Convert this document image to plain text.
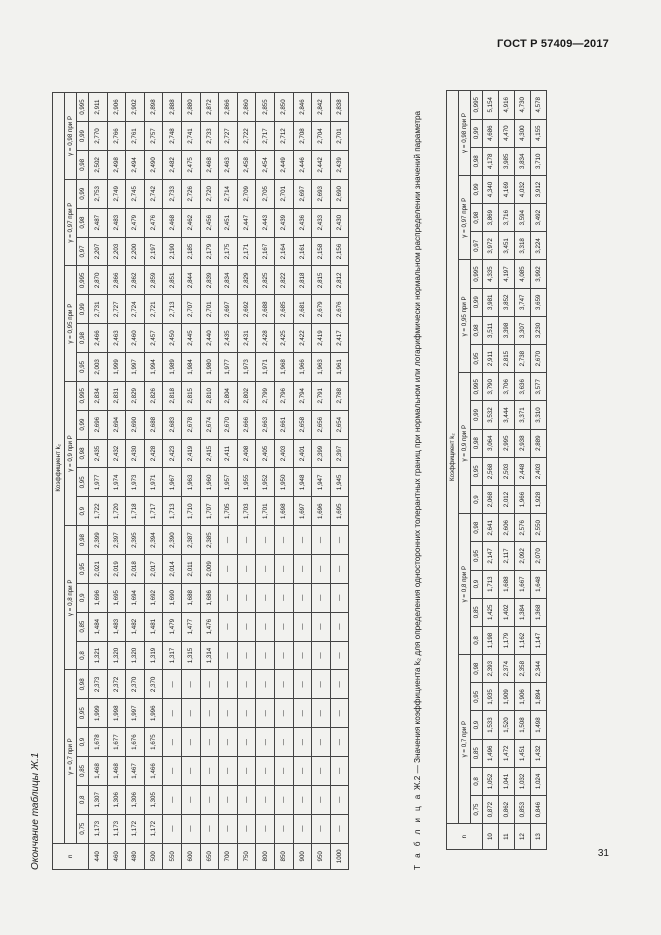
ГОСТ Р 57409—2017
Окончание таблицы Ж.1	n	Коэффициент k₂																									
	γ = 0,7 при P						γ = 0,8 при P					γ = 0,9 при P					γ = 0,95 при P				γ = 0,97 при P			γ = 0,98 при P		
	0,75	0,8	0,85	0,9	0,95	0,98	0,8	0,85	0,9	0,95	0,98	0,9	0,95	0,98	0,99	0,995	0,95	0,98	0,99	0,995	0,97	0,98	0,99	0,98	0,99	0,995
440	1,173	1,307	1,468	1,678	1,999	2,373	1,321	1,484	1,696	2,021	2,399	1,722	1,977	2,435	2,696	2,834	2,003	2,466	2,731	2,870	2,207	2,487	2,753	2,502	2,770	2,911
460	1,173	1,306	1,468	1,677	1,998	2,372	1,320	1,483	1,695	2,019	2,397	1,720	1,974	2,432	2,694	2,831	1,999	2,463	2,727	2,866	2,203	2,483	2,749	2,498	2,766	2,906
480	1,172	1,306	1,467	1,676	1,997	2,370	1,320	1,482	1,694	2,018	2,395	1,718	1,973	2,430	2,690	2,829	1,997	2,460	2,724	2,862	2,200	2,479	2,745	2,494	2,761	2,902
500	1,172	1,305	1,466	1,675	1,996	2,370	1,319	1,481	1,692	2,017	2,394	1,717	1,971	2,428	2,688	2,826	1,994	2,457	2,721	2,859	2,197	2,476	2,742	2,490	2,757	2,898
550	—	—	—	—	—	—	1,317	1,479	1,690	2,014	2,390	1,713	1,967	2,423	2,683	2,818	1,989	2,450	2,713	2,851	2,190	2,468	2,733	2,482	2,748	2,888
600	—	—	—	—	—	—	1,315	1,477	1,688	2,011	2,387	1,710	1,963	2,419	2,678	2,815	1,984	2,445	2,707	2,844	2,185	2,462	2,726	2,475	2,741	2,880
650	—	—	—	—	—	—	1,314	1,476	1,686	2,009	2,385	1,707	1,960	2,415	2,674	2,810	1,980	2,440	2,701	2,839	2,179	2,456	2,720	2,468	2,733	2,872
700	—	—	—	—	—	—	—	—	—	—	—	1,705	1,957	2,411	2,670	2,804	1,977	2,435	2,697	2,834	2,175	2,451	2,714	2,463	2,727	2,866
750	—	—	—	—	—	—	—	—	—	—	—	1,703	1,955	2,408	2,666	2,802	1,973	2,431	2,692	2,829	2,171	2,447	2,709	2,458	2,722	2,860
800	—	—	—	—	—	—	—	—	—	—	—	1,701	1,952	2,405	2,663	2,799	1,971	2,428	2,688	2,825	2,167	2,443	2,705	2,454	2,717	2,855
850	—	—	—	—	—	—	—	—	—	—	—	1,698	1,950	2,403	2,661	2,796	1,968	2,425	2,685	2,822	2,164	2,439	2,701	2,449	2,712	2,850
900	—	—	—	—	—	—	—	—	—	—	—	1,697	1,948	2,401	2,658	2,794	1,966	2,422	2,681	2,818	2,161	2,436	2,697	2,446	2,708	2,846
950	—	—	—	—	—	—	—	—	—	—	—	1,696	1,947	2,399	2,656	2,791	1,963	2,419	2,679	2,815	2,158	2,433	2,693	2,442	2,704	2,842
1000	—	—	—	—	—	—	—	—	—	—	—	1,695	1,945	2,397	2,654	2,788	1,961	2,417	2,676	2,812	2,156	2,430	2,690	2,439	2,701	2,838
Т а б л и ц а Ж.2 — Значения коэффициента k₂ для определения односторонних толерантных границ при нормальном или логарифмически нормальном распределении значений параметра
n	Коэффициент k₂																									
	γ = 0,7 при P						γ = 0,8 при P					γ = 0,9 при P					γ = 0,95 при P				γ = 0,97 при P			γ = 0,98 при P		
	0,75	0,8	0,85	0,9	0,95	0,98	0,8	0,85	0,9	0,95	0,98	0,9	0,95	0,98	0,99	0,995	0,95	0,98	0,99	0,995	0,97	0,98	0,99	0,98	0,99	0,995
10	0,872	1,052	1,496	1,533	1,935	2,393	1,198	1,425	1,713	2,147	2,641	2,068	2,568	3,064	3,532	3,790	2,911	3,511	3,981	4,335	3,972	3,869	4,340	4,178	4,686	5,154
11	0,862	1,041	1,472	1,520	1,909	2,374	1,179	1,402	1,688	2,117	2,606	2,012	2,503	2,995	3,444	3,706	2,815	3,398	3,852	4,197	3,451	3,716	4,169	3,985	4,470	4,916
12	0,853	1,032	1,451	1,508	1,906	2,358	1,162	1,384	1,667	2,092	2,576	1,966	2,448	2,938	3,371	3,636	2,738	3,307	3,747	4,085	3,318	3,594	4,032	3,834	4,300	4,730
13	0,846	1,024	1,432	1,498	1,894	2,344	1,147	1,368	1,648	2,070	2,550	1,928	2,403	2,889	3,310	3,577	2,670	3,230	3,659	3,992	3,224	3,492	3,912	3,710	4,155	4,578
31
